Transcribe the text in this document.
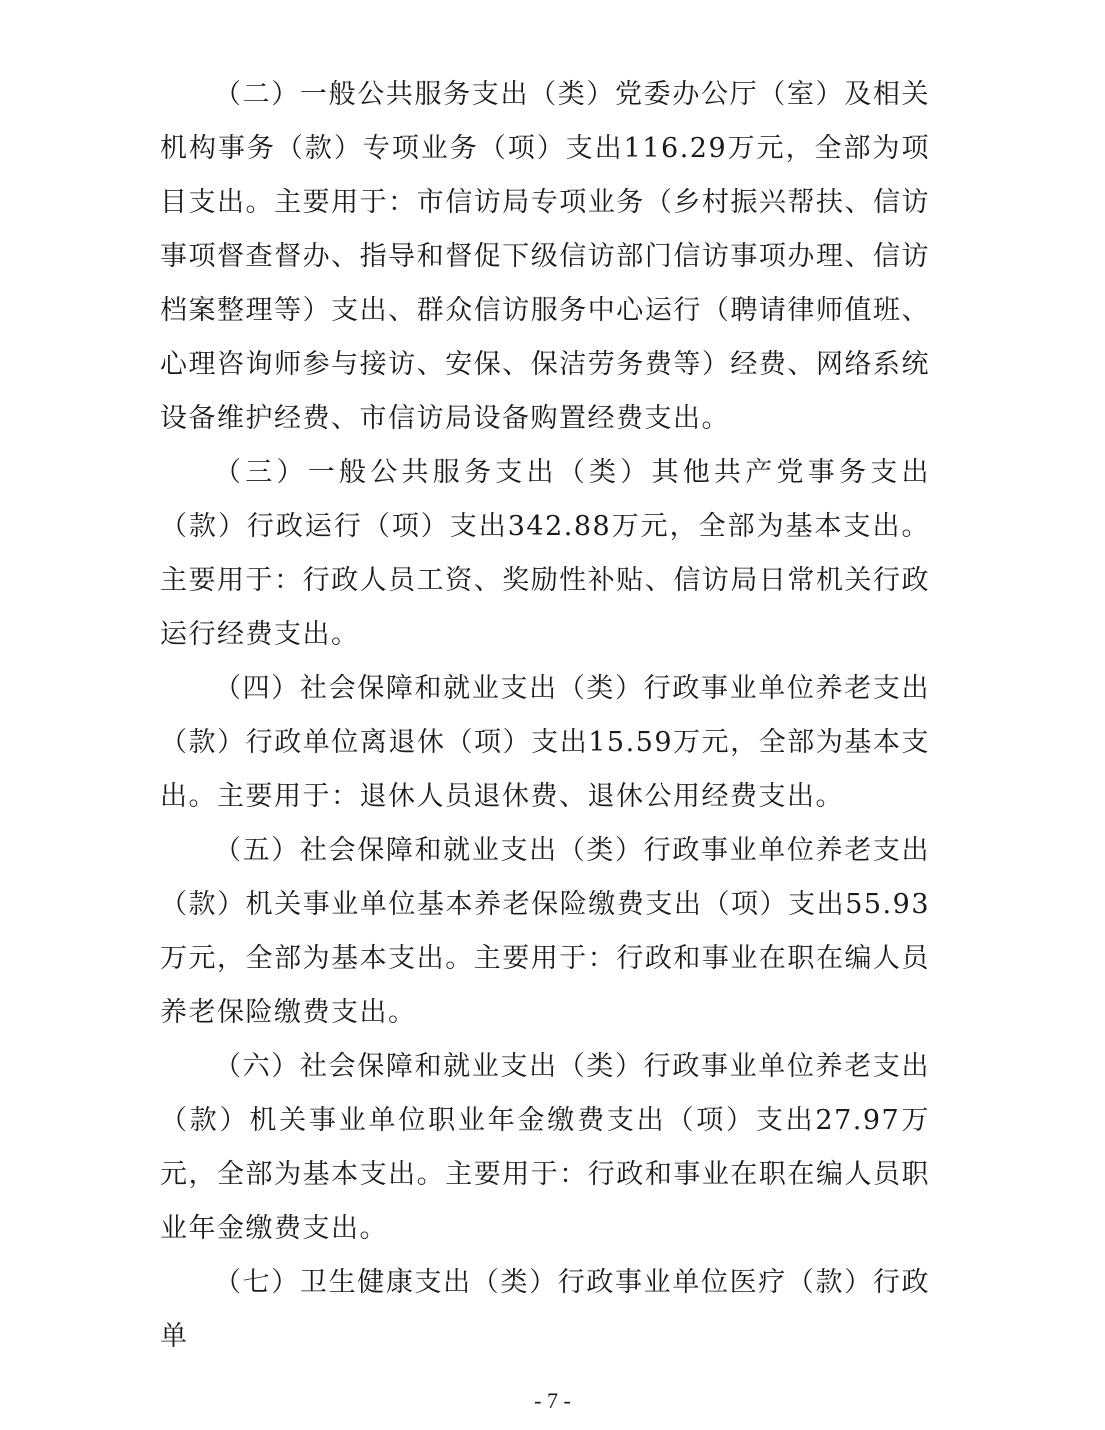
（二）一般公共服务支出（类）党委办公厅（室）及相关机构事务（款）专项业务（项）支出116.29万元，全部为项目支出。主要用于：市信访局专项业务（乡村振兴帮扶、信访事项督查督办、指导和督促下级信访部门信访事项办理、信访档案整理等）支出、群众信访服务中心运行（聘请律师值班、心理咨询师参与接访、安保、保洁劳务费等）经费、网络系统设备维护经费、市信访局设备购置经费支出。

（三）一般公共服务支出（类）其他共产党事务支出（款）行政运行（项）支出342.88万元，全部为基本支出。主要用于：行政人员工资、奖励性补贴、信访局日常机关行政运行经费支出。

（四）社会保障和就业支出（类）行政事业单位养老支出（款）行政单位离退休（项）支出15.59万元，全部为基本支出。主要用于：退休人员退休费、退休公用经费支出。

（五）社会保障和就业支出（类）行政事业单位养老支出（款）机关事业单位基本养老保险缴费支出（项）支出55.93万元，全部为基本支出。主要用于：行政和事业在职在编人员养老保险缴费支出。

（六）社会保障和就业支出（类）行政事业单位养老支出（款）机关事业单位职业年金缴费支出（项）支出27.97万元，全部为基本支出。主要用于：行政和事业在职在编人员职业年金缴费支出。

（七）卫生健康支出（类）行政事业单位医疗（款）行政单

- 7 -
